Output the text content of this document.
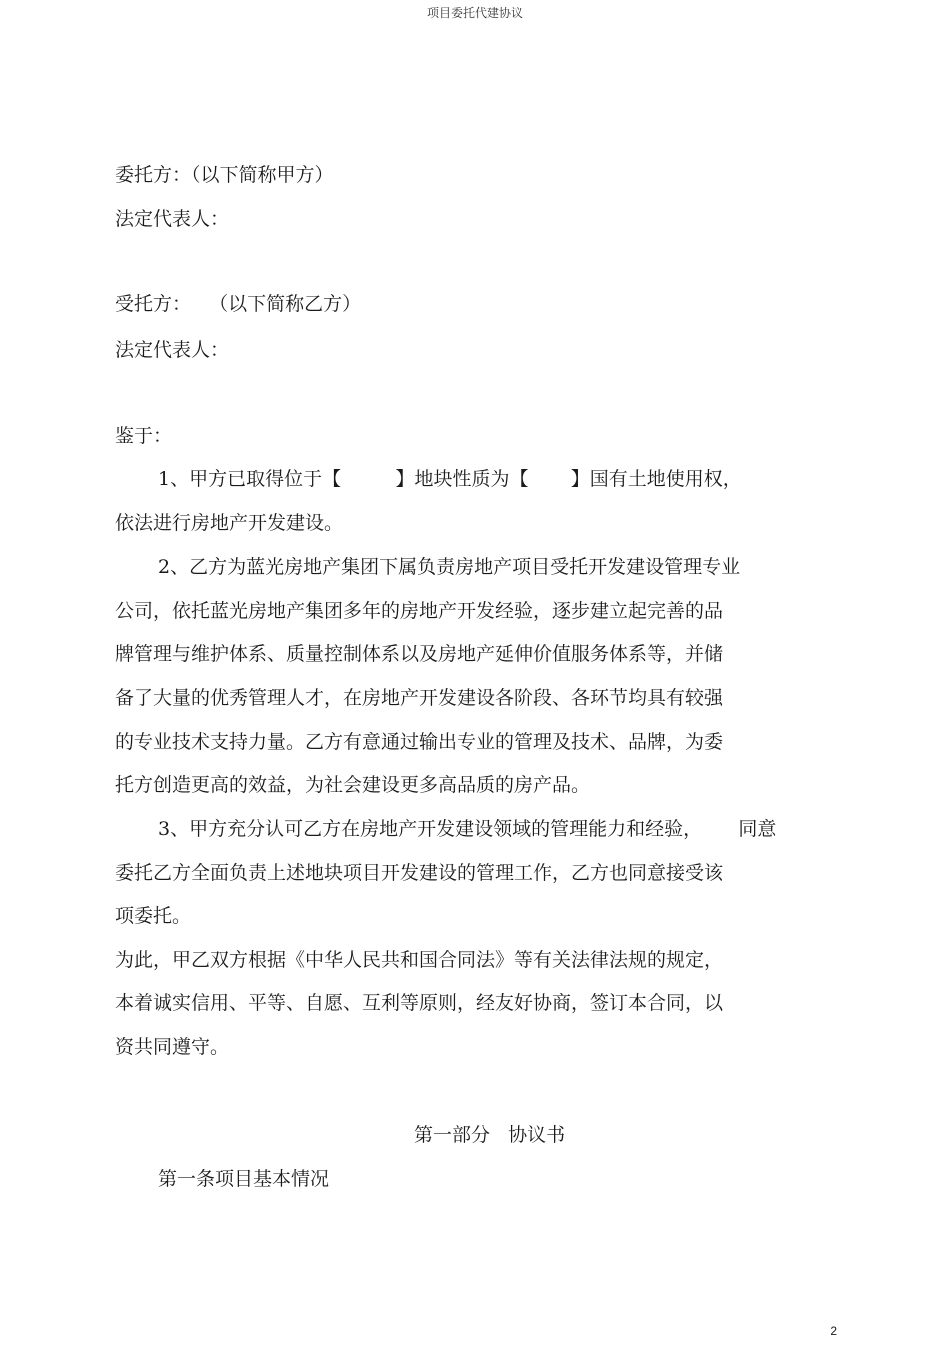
项目委托代建协议
委托方：（以下简称甲方）
法定代表人：
受托方：   （以下简称乙方）
法定代表人：
鉴于：
1、甲方已取得位于【         】地块性质为【       】国有土地使用权，
依法进行房地产开发建设。
2、乙方为蓝光房地产集团下属负责房地产项目受托开发建设管理专业
公司，依托蓝光房地产集团多年的房地产开发经验，逐步建立起完善的品
牌管理与维护体系、质量控制体系以及房地产延伸价值服务体系等，并储
备了大量的优秀管理人才，在房地产开发建设各阶段、各环节均具有较强
的专业技术支持力量。乙方有意通过输出专业的管理及技术、品牌，为委
托方创造更高的效益，为社会建设更多高品质的房产品。
3、甲方充分认可乙方在房地产开发建设领域的管理能力和经验，      同意
委托乙方全面负责上述地块项目开发建设的管理工作，乙方也同意接受该
项委托。
为此，甲乙双方根据《中华人民共和国合同法》等有关法律法规的规定，
本着诚实信用、平等、自愿、互利等原则，经友好协商，签订本合同，以
资共同遵守。
第一部分   协议书
第一条项目基本情况
2
